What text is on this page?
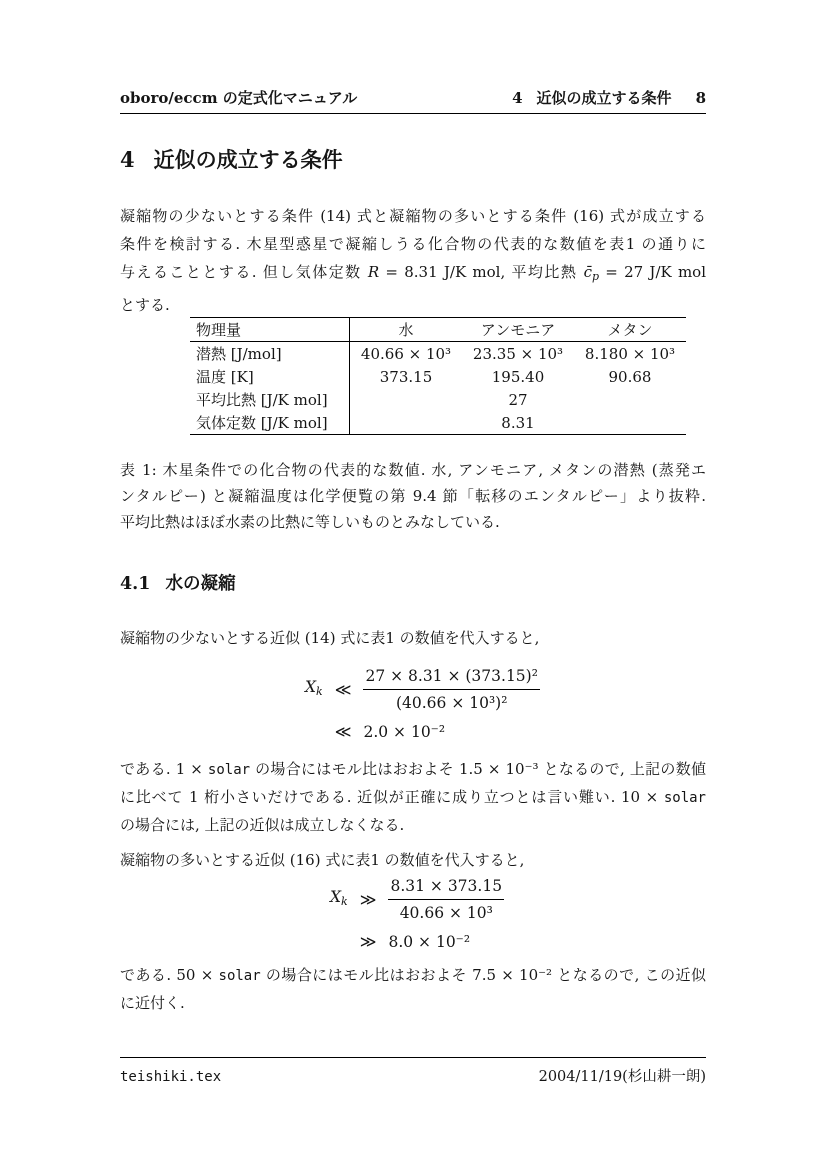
oboro/eccm の定式化マニュアル	4 近似の成立する条件 8
4 近似の成立する条件
凝縮物の少ないとする条件 (14) 式と凝縮物の多いとする条件 (16) 式が成立する
条件を検討する. 木星型惑星で凝縮しうる化合物の代表的な数値を表1 の通りに
与えることとする. 但し気体定数 R = 8.31 J/K mol, 平均比熱 $c̄_p = 27$ J/K mol
とする.
物理量	水	アンモニア	メタン
潜熱 [J/mol]	40.66 × 10³	23.35 × 10³	8.180 × 10³
温度 [K]	373.15	195.40	90.68
平均比熱 [J/K mol]	27		
気体定数 [J/K mol]	8.31		
表 1: 木星条件での化合物の代表的な数値. 水, アンモニア, メタンの潜熱 (蒸発エ
ンタルピー) と凝縮温度は化学便覧の第 9.4 節「転移のエンタルピー」より抜粋.
平均比熱はほぼ水素の比熱に等しいものとみなしている.
4.1 水の凝縮
凝縮物の少ないとする近似 (14) 式に表1 の数値を代入すると,
Xk ≪ $\frac{\text{27 × 8.31 × (373.15)²}}{\text{(40.66 × 10³)²}}$
≪ 2.0 × 10⁻²
である. 1 × solar の場合にはモル比はおおよそ 1.5 × 10⁻³ となるので, 上記の数値
に比べて 1 桁小さいだけである. 近似が正確に成り立つとは言い難い. 10 × solar
の場合には, 上記の近似は成立しなくなる.
凝縮物の多いとする近似 (16) 式に表1 の数値を代入すると,
Xk ≫ $\frac{8.31 \times 373.15}{\text{40.66 × 10³}}$
≫ 8.0 × 10⁻²
である. 50 × solar の場合にはモル比はおおよそ 7.5 × 10⁻² となるので, この近似
に近付く.
teishiki.tex	2004/11/19(杉山耕一朗)
